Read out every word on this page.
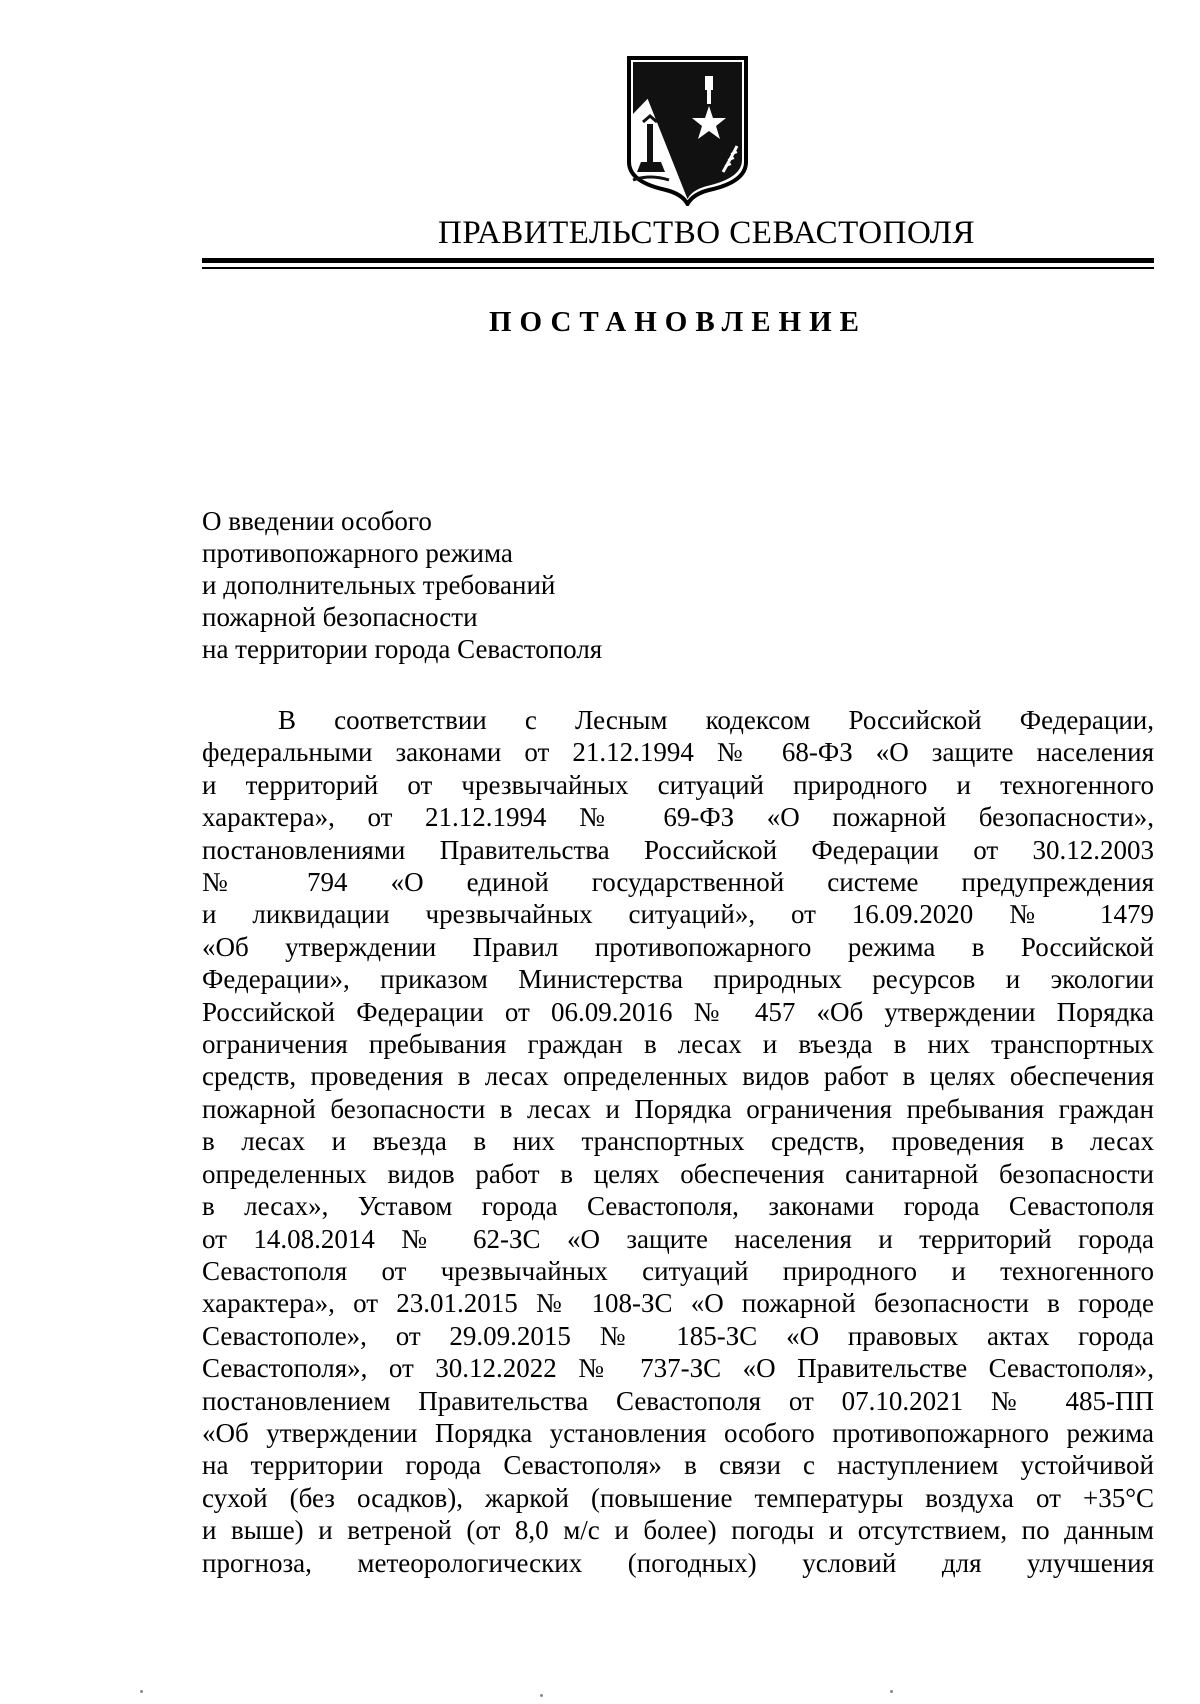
ПРАВИТЕЛЬСТВО СЕВАСТОПОЛЯ
ПОСТАНОВЛЕНИЕ
О введении особого
противопожарного режима
и дополнительных требований
пожарной безопасности
на территории города Севастополя
В соответствии с Лесным кодексом Российской Федерации,
федеральными законами от 21.12.1994 № 68-ФЗ «О защите населения
и территорий от чрезвычайных ситуаций природного и техногенного
характера», от 21.12.1994 № 69-ФЗ «О пожарной безопасности»,
постановлениями Правительства Российской Федерации от 30.12.2003
№ 794 «О единой государственной системе предупреждения
и ликвидации чрезвычайных ситуаций», от 16.09.2020 № 1479
«Об утверждении Правил противопожарного режима в Российской
Федерации», приказом Министерства природных ресурсов и экологии
Российской Федерации от 06.09.2016 № 457 «Об утверждении Порядка
ограничения пребывания граждан в лесах и въезда в них транспортных
средств, проведения в лесах определенных видов работ в целях обеспечения
пожарной безопасности в лесах и Порядка ограничения пребывания граждан
в лесах и въезда в них транспортных средств, проведения в лесах
определенных видов работ в целях обеспечения санитарной безопасности
в лесах», Уставом города Севастополя, законами города Севастополя
от 14.08.2014 № 62-ЗС «О защите населения и территорий города
Севастополя от чрезвычайных ситуаций природного и техногенного
характера», от 23.01.2015 № 108-ЗС «О пожарной безопасности в городе
Севастополе», от 29.09.2015 № 185-ЗС «О правовых актах города
Севастополя», от 30.12.2022 № 737-ЗС «О Правительстве Севастополя»,
постановлением Правительства Севастополя от 07.10.2021 № 485-ПП
«Об утверждении Порядка установления особого противопожарного режима
на территории города Севастополя» в связи с наступлением устойчивой
сухой (без осадков), жаркой (повышение температуры воздуха от +35°С
и выше) и ветреной (от 8,0 м/с и более) погоды и отсутствием, по данным
прогноза, метеорологических (погодных) условий для улучшения
